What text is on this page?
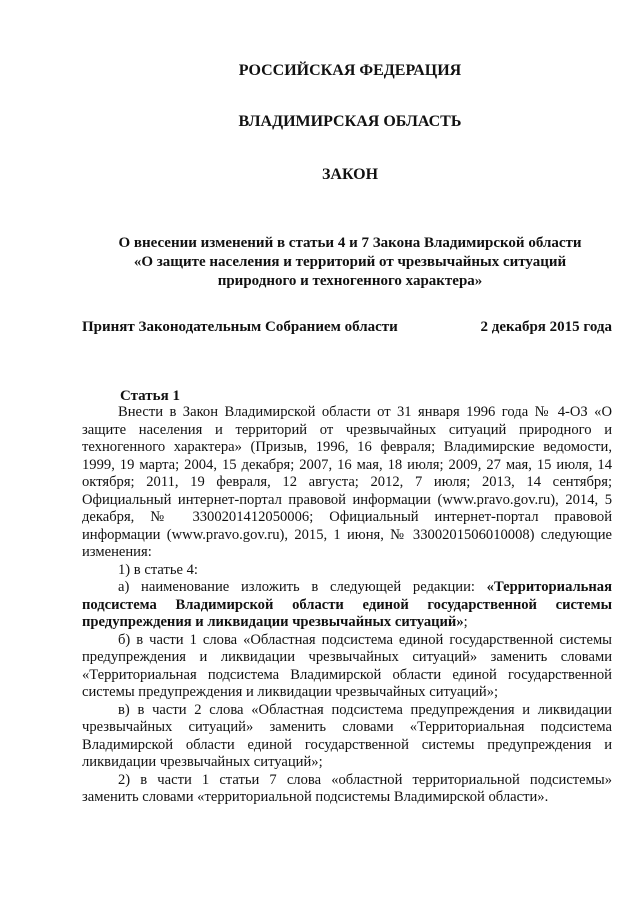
РОССИЙСКАЯ ФЕДЕРАЦИЯ
ВЛАДИМИРСКАЯ ОБЛАСТЬ
ЗАКОН
О внесении изменений в статьи 4 и 7 Закона Владимирской области
«О защите населения и территорий от чрезвычайных ситуаций
природного и техногенного характера»
Принят Законодательным Собранием области	2 декабря 2015 года
Статья 1

Внести в Закон Владимирской области от 31 января 1996 года № 4-ОЗ «О защите населения и территорий от чрезвычайных ситуаций природного и техногенного характера» (Призыв, 1996, 16 февраля; Владимирские ведомости, 1999, 19 марта; 2004, 15 декабря; 2007, 16 мая, 18 июля; 2009, 27 мая, 15 июля, 14 октября; 2011, 19 февраля, 12 августа; 2012, 7 июля; 2013, 14 сентября; Официальный интернет-портал правовой информации (www.pravo.gov.ru), 2014, 5 декабря, № 3300201412050006; Официальный интернет-портал правовой информации (www.pravo.gov.ru), 2015, 1 июня, № 3300201506010008) следующие изменения:

1) в статье 4:

а) наименование изложить в следующей редакции: «Территориальная подсистема Владимирской области единой государственной системы предупреждения и ликвидации чрезвычайных ситуаций»;

б) в части 1 слова «Областная подсистема единой государственной системы предупреждения и ликвидации чрезвычайных ситуаций» заменить словами «Территориальная подсистема Владимирской области единой государственной системы предупреждения и ликвидации чрезвычайных ситуаций»;

в) в части 2 слова «Областная подсистема предупреждения и ликвидации чрезвычайных ситуаций» заменить словами «Территориальная подсистема Владимирской области единой государственной системы предупреждения и ликвидации чрезвычайных ситуаций»;

2) в части 1 статьи 7 слова «областной территориальной подсистемы» заменить словами «территориальной подсистемы Владимирской области».
